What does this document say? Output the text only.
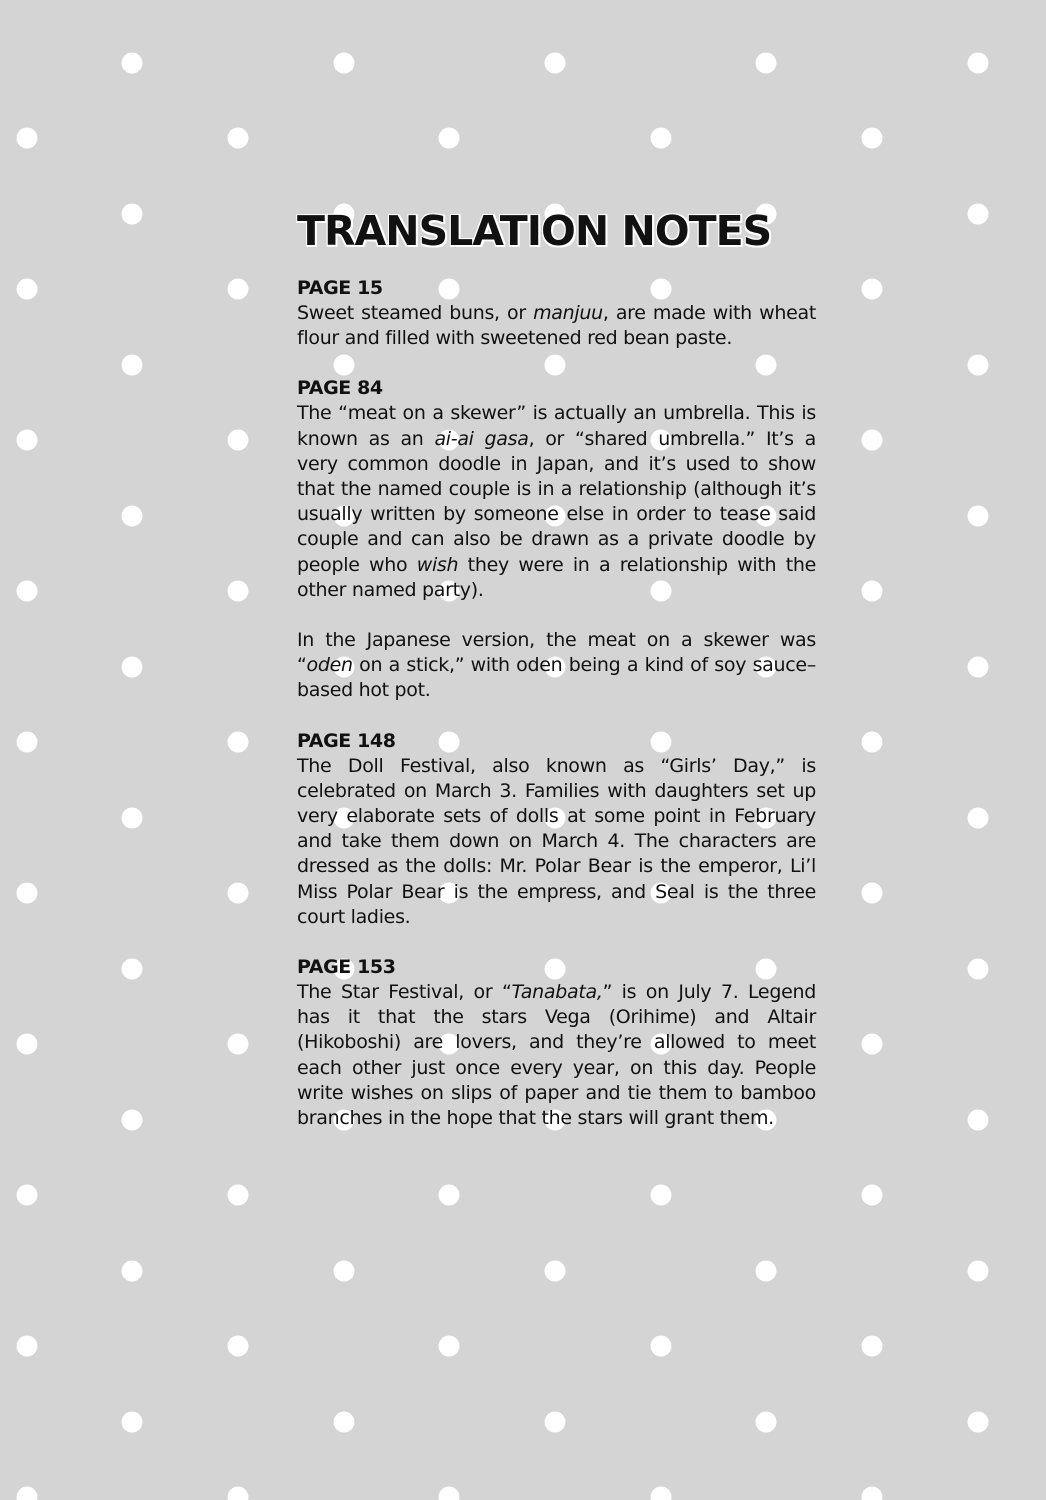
TRANSLATION NOTES
PAGE 15

Sweet steamed buns, or manjuu, are made with wheat flour and filled with sweetened red bean paste.

PAGE 84

The “meat on a skewer” is actually an umbrella. This is known as an ai-ai gasa, or “shared umbrella.” It’s a very common doodle in Japan, and it’s used to show that the named couple is in a relationship (although it’s usually written by someone else in order to tease said couple and can also be drawn as a private doodle by people who wish they were in a relationship with the other named party).

In the Japanese version, the meat on a skewer was “oden on a stick,” with oden being a kind of soy sauce–based hot pot.

PAGE 148

The Doll Festival, also known as “Girls’ Day,” is celebrated on March 3. Families with daughters set up very elaborate sets of dolls at some point in February and take them down on March 4. The characters are dressed as the dolls: Mr. Polar Bear is the emperor, Li’l Miss Polar Bear is the empress, and Seal is the three court ladies.

PAGE 153

The Star Festival, or “Tanabata,” is on July 7. Legend has it that the stars Vega (Orihime) and Altair (Hikoboshi) are lovers, and they’re allowed to meet each other just once every year, on this day. People write wishes on slips of paper and tie them to bamboo branches in the hope that the stars will grant them.
